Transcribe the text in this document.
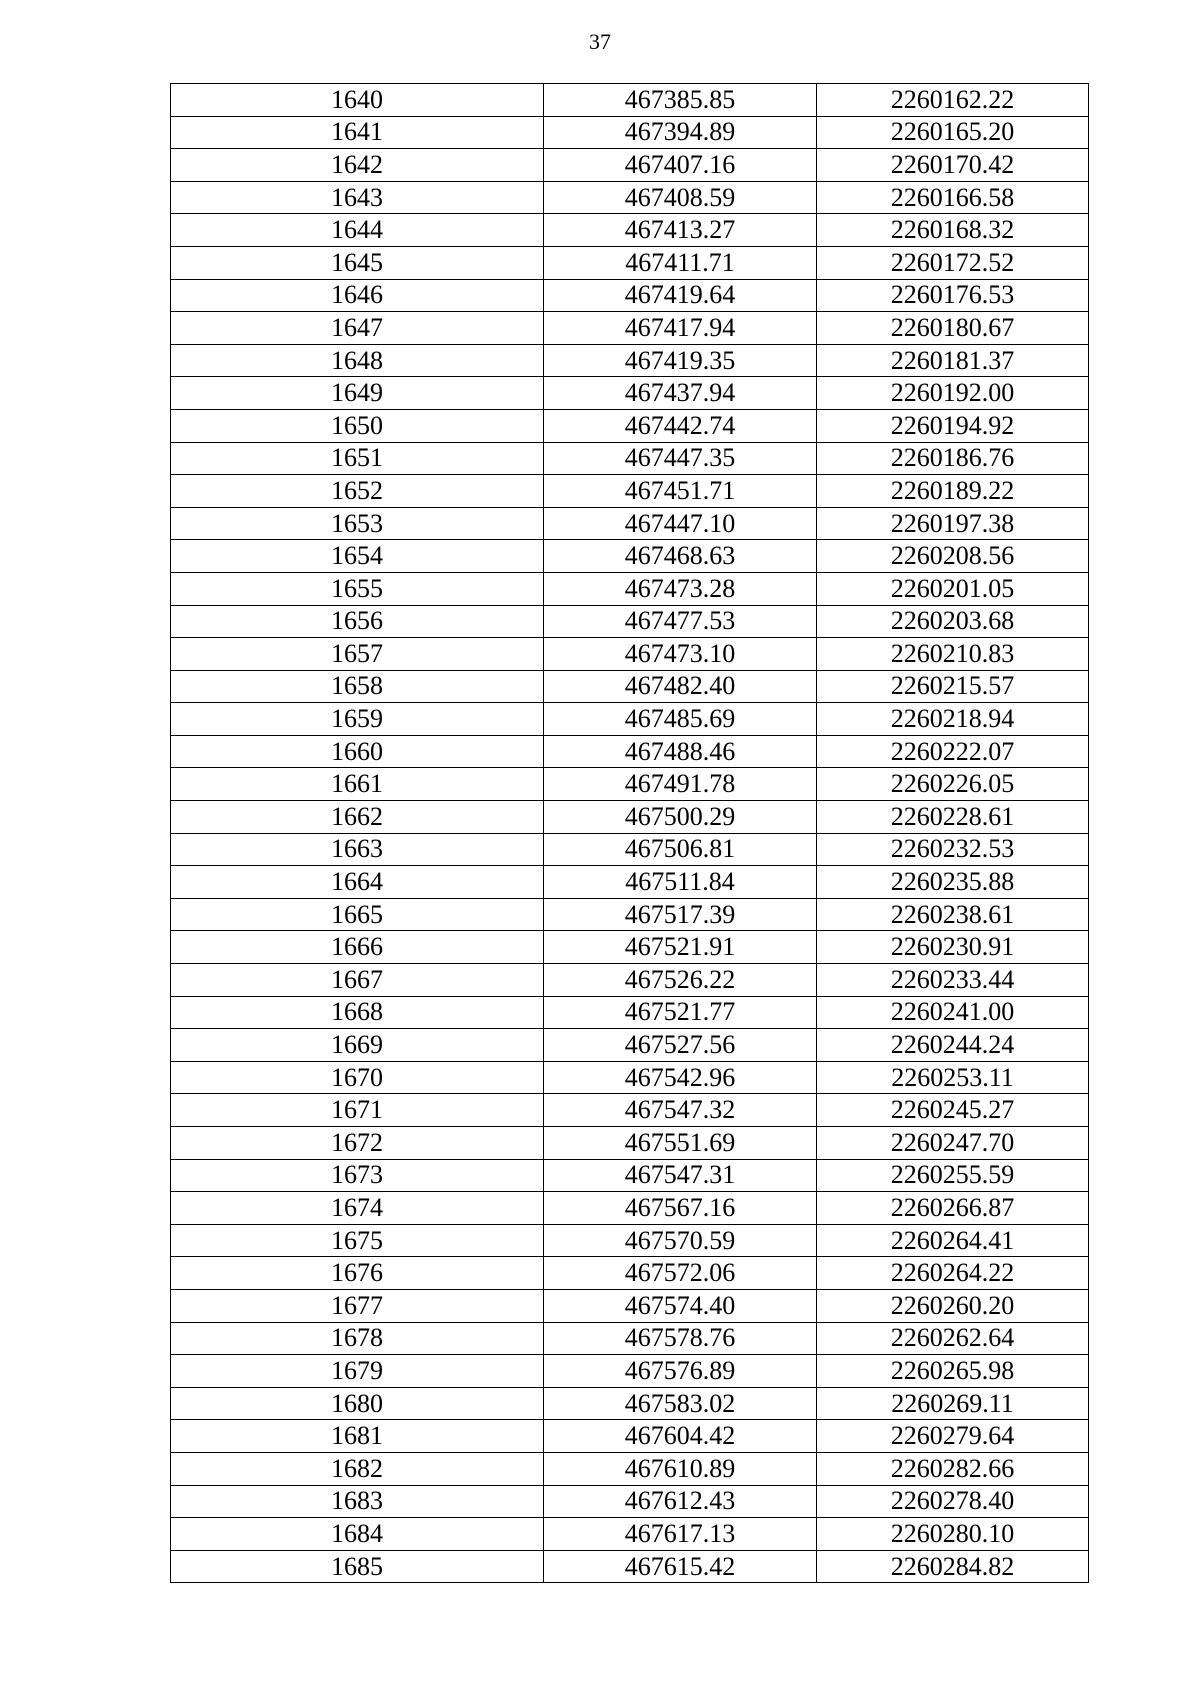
37
1640	467385.85	2260162.22
1641	467394.89	2260165.20
1642	467407.16	2260170.42
1643	467408.59	2260166.58
1644	467413.27	2260168.32
1645	467411.71	2260172.52
1646	467419.64	2260176.53
1647	467417.94	2260180.67
1648	467419.35	2260181.37
1649	467437.94	2260192.00
1650	467442.74	2260194.92
1651	467447.35	2260186.76
1652	467451.71	2260189.22
1653	467447.10	2260197.38
1654	467468.63	2260208.56
1655	467473.28	2260201.05
1656	467477.53	2260203.68
1657	467473.10	2260210.83
1658	467482.40	2260215.57
1659	467485.69	2260218.94
1660	467488.46	2260222.07
1661	467491.78	2260226.05
1662	467500.29	2260228.61
1663	467506.81	2260232.53
1664	467511.84	2260235.88
1665	467517.39	2260238.61
1666	467521.91	2260230.91
1667	467526.22	2260233.44
1668	467521.77	2260241.00
1669	467527.56	2260244.24
1670	467542.96	2260253.11
1671	467547.32	2260245.27
1672	467551.69	2260247.70
1673	467547.31	2260255.59
1674	467567.16	2260266.87
1675	467570.59	2260264.41
1676	467572.06	2260264.22
1677	467574.40	2260260.20
1678	467578.76	2260262.64
1679	467576.89	2260265.98
1680	467583.02	2260269.11
1681	467604.42	2260279.64
1682	467610.89	2260282.66
1683	467612.43	2260278.40
1684	467617.13	2260280.10
1685	467615.42	2260284.82
